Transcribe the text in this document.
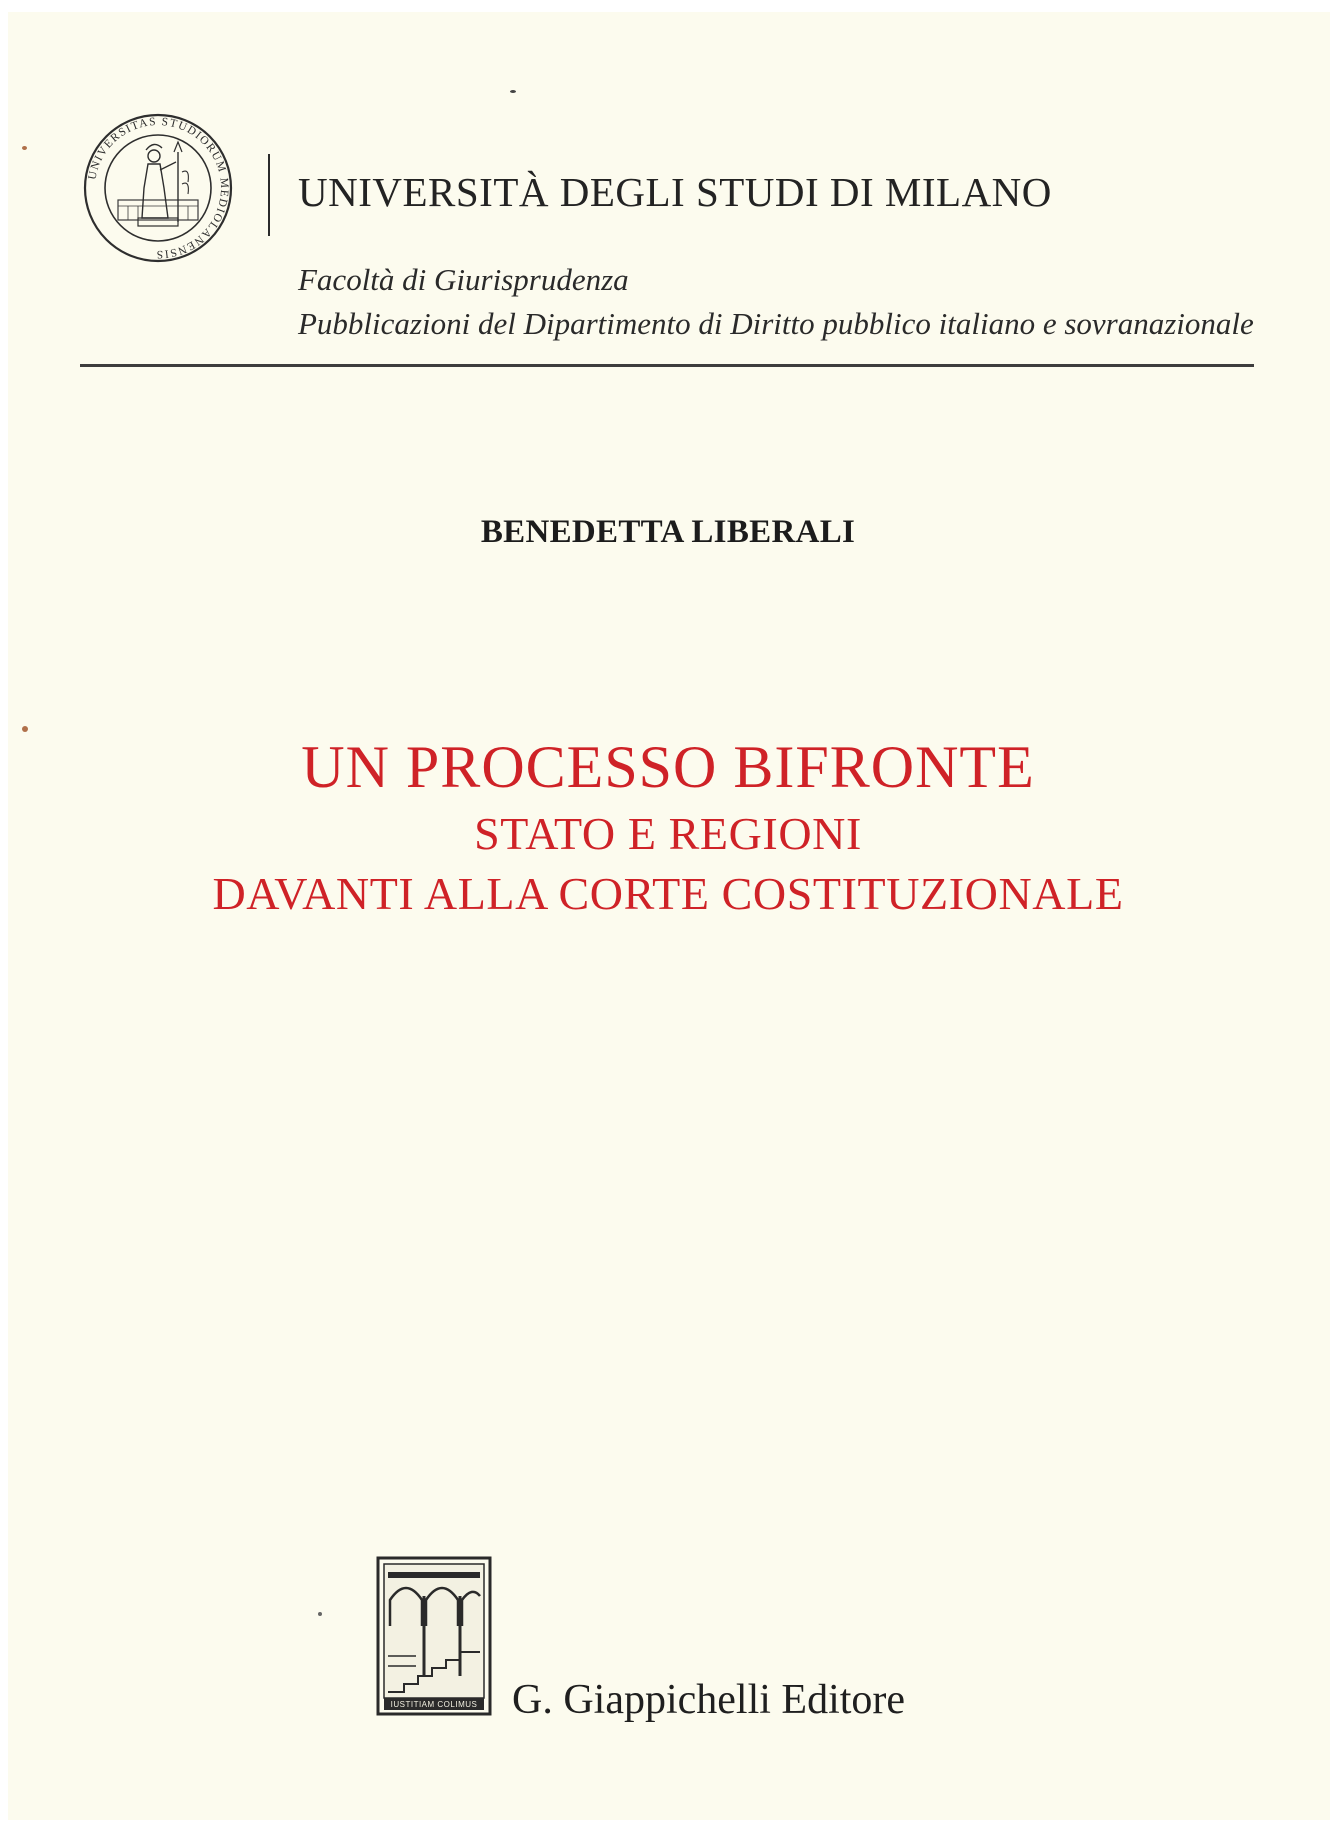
UNIVERSITAS STUDIORUM MEDIOLANENSIS
UNIVERSITÀ DEGLI STUDI DI MILANO
Facoltà di Giurisprudenza
Pubblicazioni del Dipartimento di Diritto pubblico italiano e sovranazionale
BENEDETTA LIBERALI
UN PROCESSO BIFRONTE
STATO E REGIONI
DAVANTI ALLA CORTE COSTITUZIONALE
IUSTITIAM COLIMUS G. Giappichelli Editore
